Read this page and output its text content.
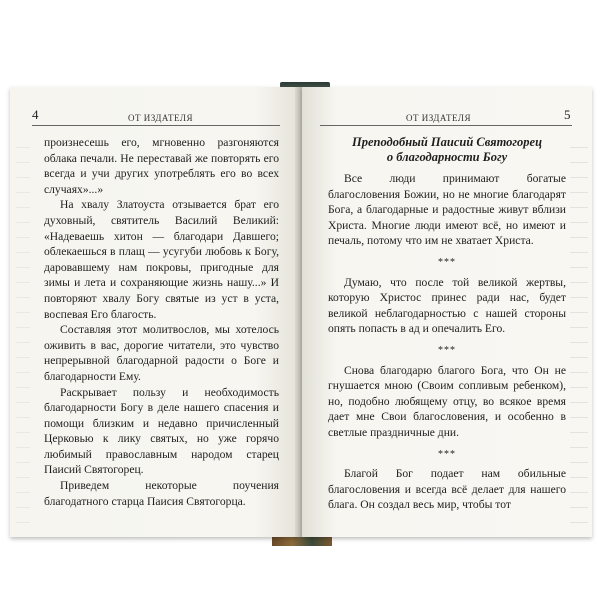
4	ОТ ИЗДАТЕЛЯ

произнесешь его, мгновенно разгоняются облака печали. Не переставай же повторять его всегда и учи других употреблять его во всех случаях»...»

На хвалу Златоуста отзывается брат его духовный, святитель Василий Великий: «Надеваешь хитон — благодари Давшего; облекаешься в плащ — усугуби любовь к Богу, даровавшему нам покровы, пригодные для зимы и лета и сохраняющие жизнь нашу...» И повторяют хвалу Богу святые из уст в уста, воспевая Его благость.

Составляя этот молитвослов, мы хотелось оживить в вас, дорогие читатели, это чувство непрерывной благодарной радости о Боге и благодарности Ему.

Раскрывает пользу и необходимость благодарности Богу в деле нашего спасения и помощи близким и недавно причисленный Церковью к лику святых, но уже горячо любимый православным народом старец Паисий Святогорец.

Приведем некоторые поучения благодатного старца Паисия Святогорца.

ОТ ИЗДАТЕЛЯ	5
Преподобный Паисий Святогорец
о благодарности Богу

Все люди принимают богатые благословения Божии, но не многие благодарят Бога, а благодарные и радостные живут вблизи Христа. Многие люди имеют всё, но имеют и печаль, потому что им не хватает Христа.

***

Думаю, что после той великой жертвы, которую Христос принес ради нас, будет великой неблагодарностью с нашей стороны опять попасть в ад и опечалить Его.

***

Снова благодарю благого Бога, что Он не гнушается мною (Своим сопливым ребенком), но, подобно любящему отцу, во всякое время дает мне Свои благословения, и особенно в светлые праздничные дни.

***

Благой Бог подает нам обильные благословения и всегда всё делает для нашего блага. Он создал весь мир, чтобы тот
